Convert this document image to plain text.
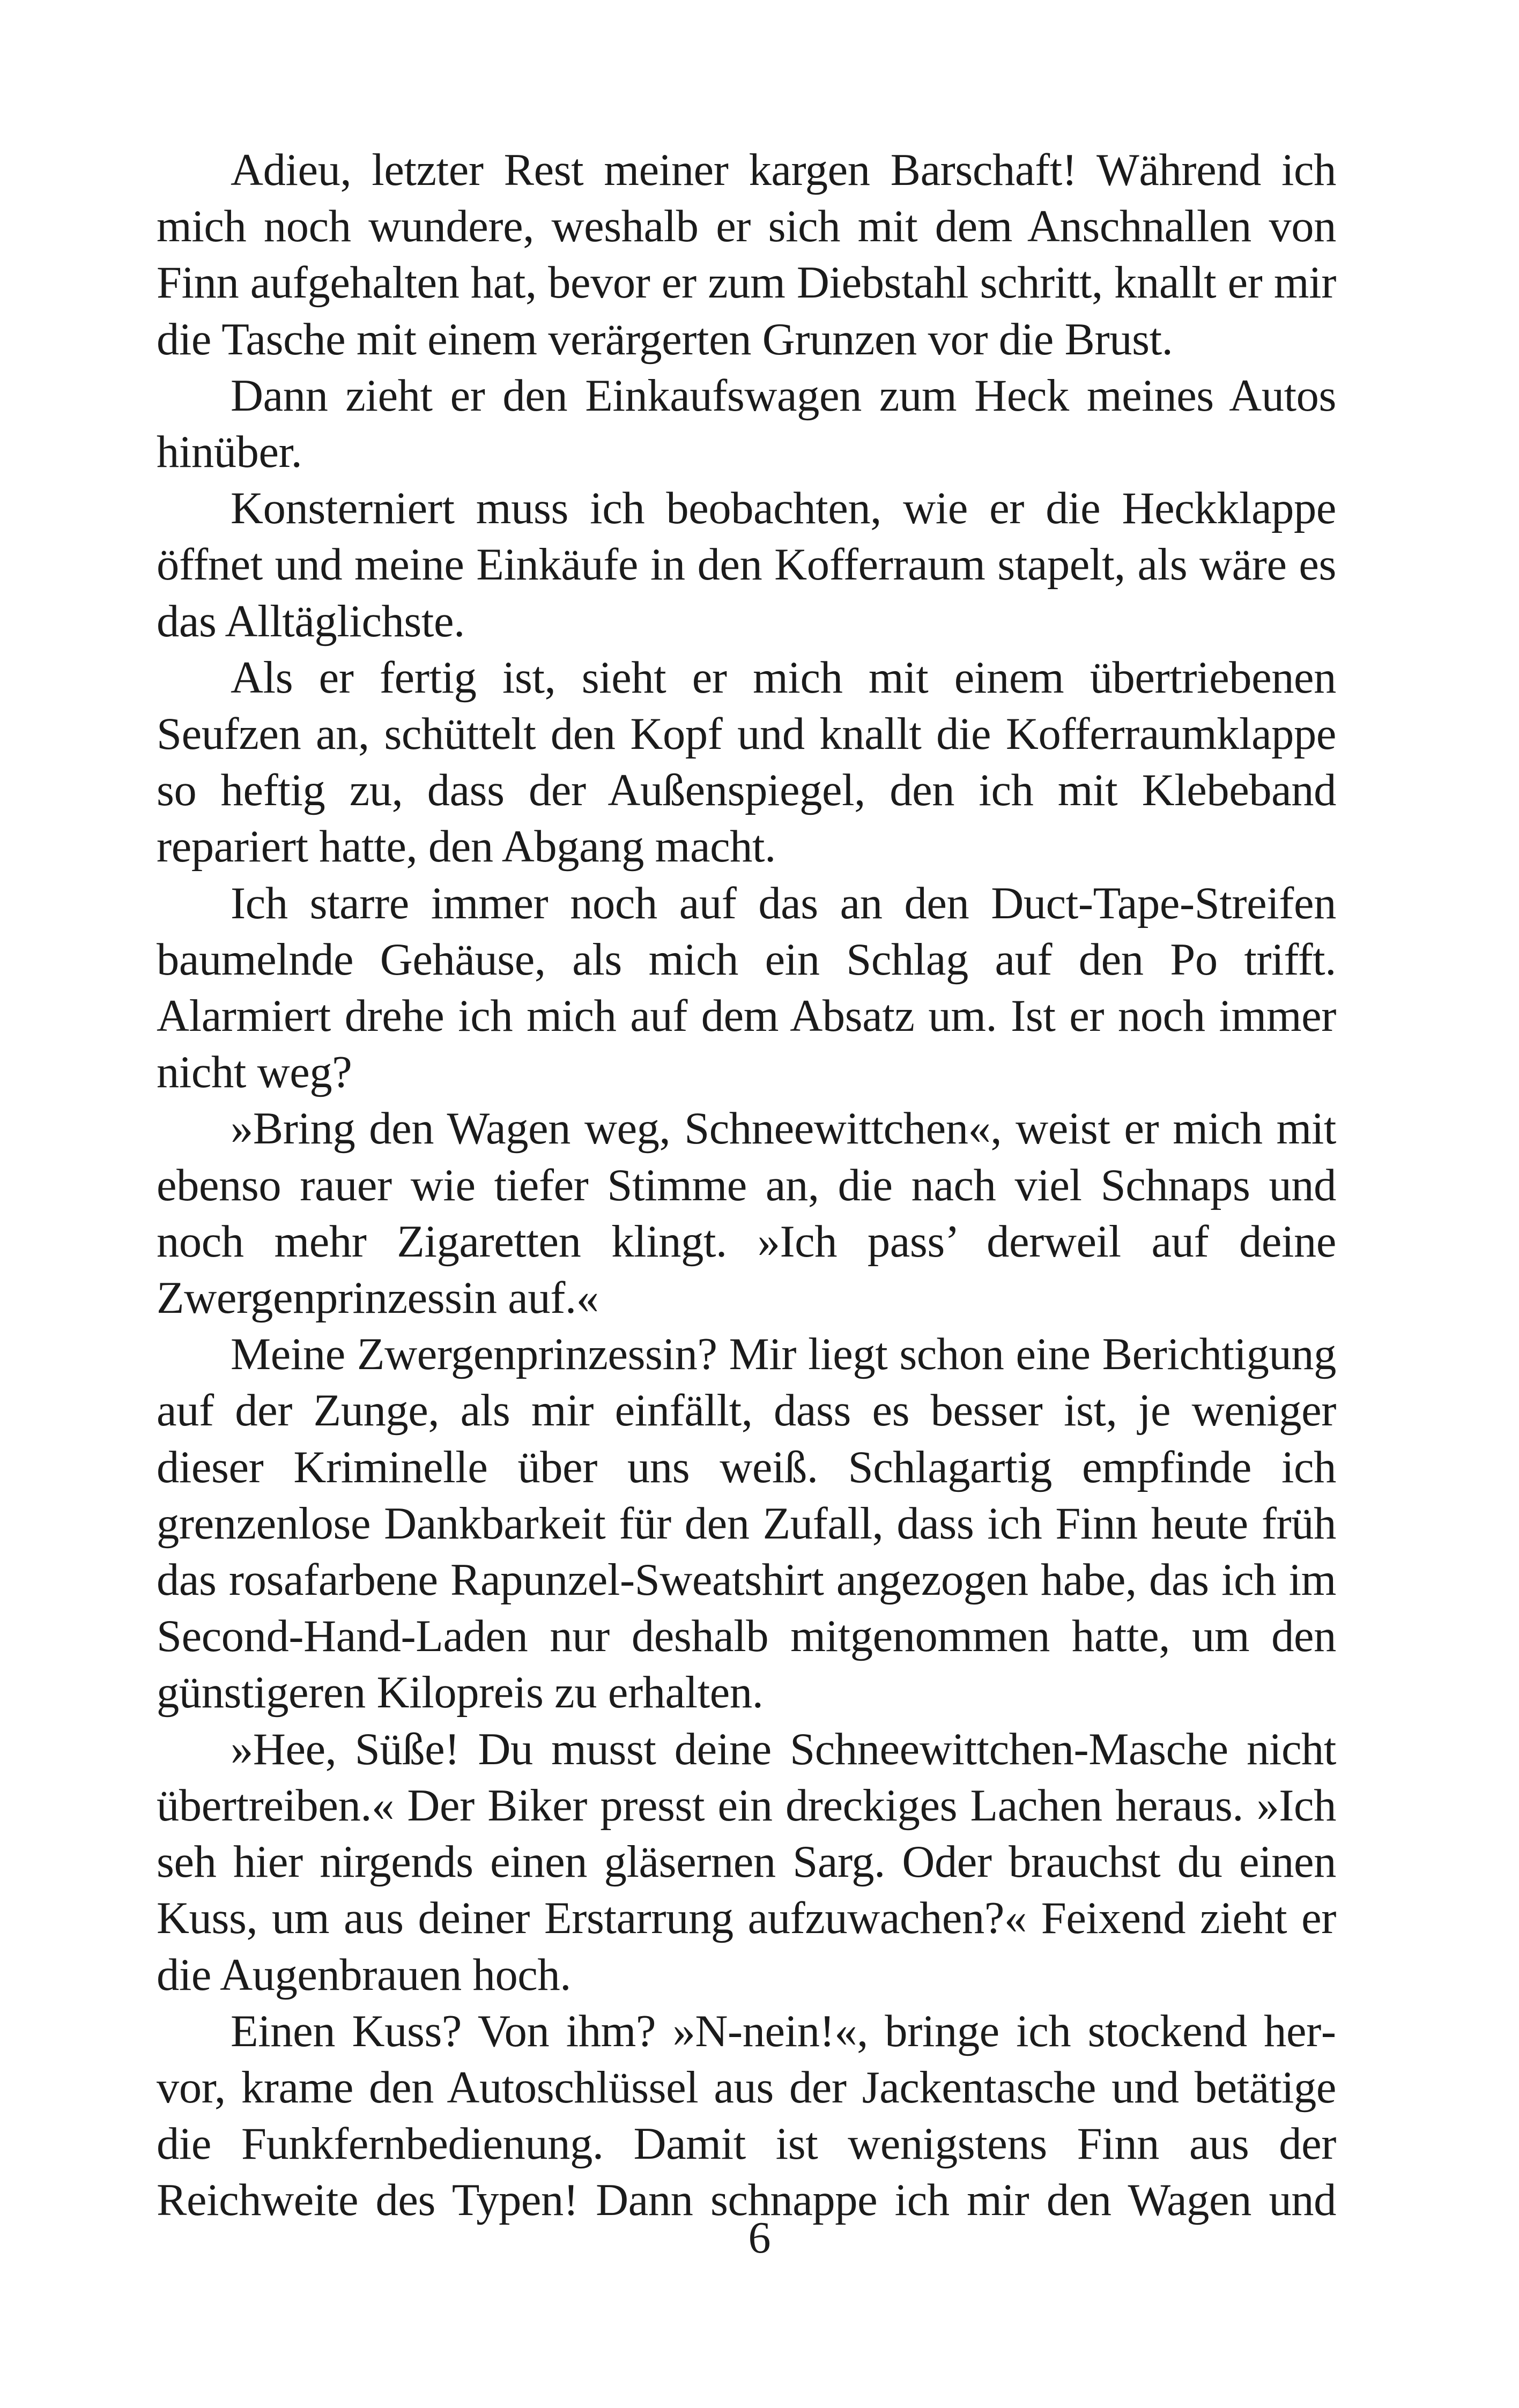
Adieu, letzter Rest meiner kargen Barschaft! Während ich mich noch wundere, weshalb er sich mit dem Anschnallen von Finn aufgehalten hat, bevor er zum Diebstahl schritt, knallt er mir die Tasche mit einem verärgerten Grunzen vor die Brust.

Dann zieht er den Einkaufswagen zum Heck meines Autos hinüber.

Konsterniert muss ich beobachten, wie er die Heckklappe öffnet und meine Einkäufe in den Kofferraum stapelt, als wäre es das Alltäglichste.

Als er fertig ist, sieht er mich mit einem übertriebenen Seufzen an, schüttelt den Kopf und knallt die Kofferraumklappe so heftig zu, dass der Außenspiegel, den ich mit Klebeband repariert hatte, den Abgang macht.

Ich starre immer noch auf das an den Duct-Tape-Streifen baumelnde Gehäuse, als mich ein Schlag auf den Po trifft. Alarmiert drehe ich mich auf dem Absatz um. Ist er noch immer nicht weg?

»Bring den Wagen weg, Schneewittchen«, weist er mich mit ebenso rauer wie tiefer Stimme an, die nach viel Schnaps und noch mehr Zigaretten klingt. »Ich pass’ derweil auf deine Zwergenprinzessin auf.«

Meine Zwergenprinzessin? Mir liegt schon eine Berichtigung auf der Zunge, als mir einfällt, dass es besser ist, je weniger dieser Kriminelle über uns weiß. Schlagartig empfinde ich grenzenlose Dankbarkeit für den Zufall, dass ich Finn heute früh das rosafarbene Rapunzel-Sweatshirt angezogen habe, das ich im Second-Hand-Laden nur deshalb mitgenommen hatte, um den günstigeren Kilopreis zu erhalten.

»Hee, Süße! Du musst deine Schneewittchen-Masche nicht übertreiben.« Der Biker presst ein dreckiges Lachen heraus. »Ich seh hier nirgends einen gläsernen Sarg. Oder brauchst du einen Kuss, um aus deiner Erstarrung aufzuwachen?« Feixend zieht er die Augenbrauen hoch.

Einen Kuss? Von ihm? »N-nein!«, bringe ich stockend hervor, krame den Autoschlüssel aus der Jackentasche und betätige die Funkfernbedienung. Damit ist wenigstens Finn aus der Reichweite des Typen! Dann schnappe ich mir den Wagen und

6
